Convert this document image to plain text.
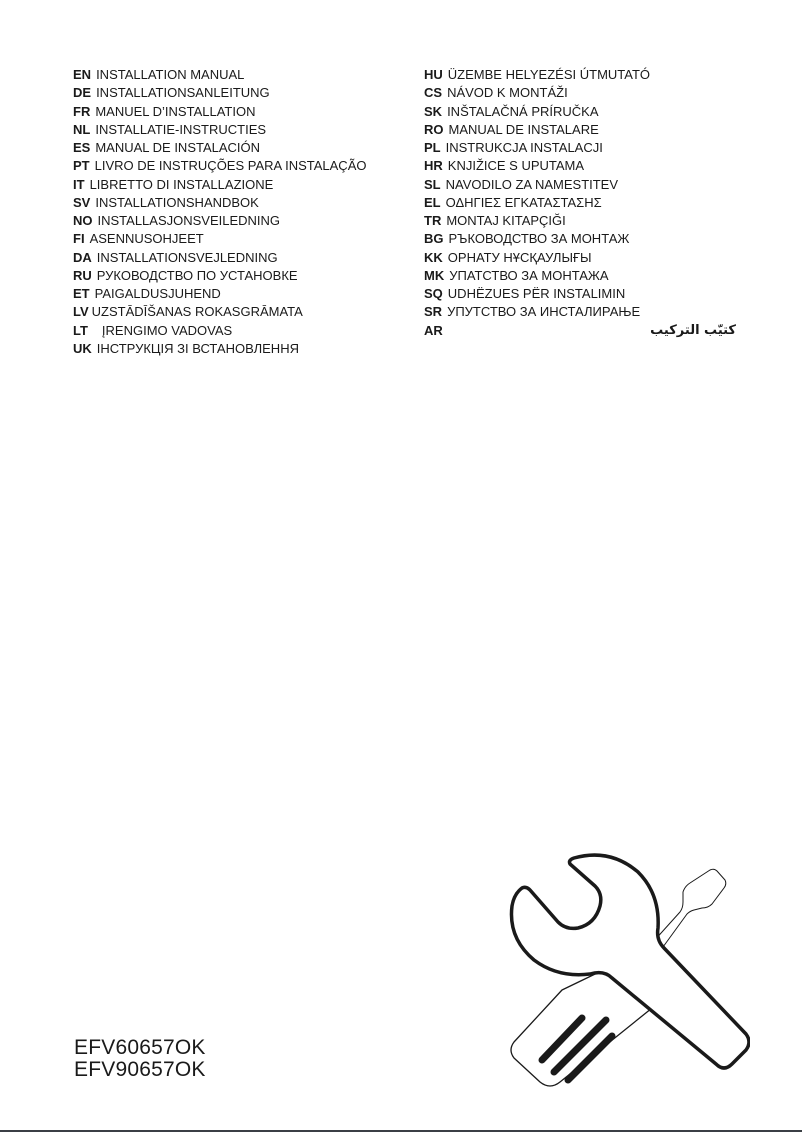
EN INSTALLATION MANUAL
DE INSTALLATIONSANLEITUNG
FR MANUEL D’INSTALLATION
NL INSTALLATIE-INSTRUCTIES
ES MANUAL DE INSTALACIÓN
PT LIVRO DE INSTRUÇÕES PARA INSTALAÇÃO
IT LIBRETTO DI INSTALLAZIONE
SV INSTALLATIONSHANDBOK
NO INSTALLASJONSVEILEDNING
FI ASENNUSOHJEET
DA INSTALLATIONSVEJLEDNING
RU РУКОВОДСТВО ПО УСТАНОВКЕ
ET PAIGALDUSJUHEND
LV UZSTĀDĪŠANAS ROKASGRĀMATA
LT ĮRENGIMO VADOVAS
UK ІНСТРУКЦІЯ ЗІ ВСТАНОВЛЕННЯ
HU ÜZEMBE HELYEZÉSI ÚTMUTATÓ
CS NÁVOD K MONTÁŽI
SK INŠTALAČNÁ PRÍRUČKA
RO MANUAL DE INSTALARE
PL INSTRUKCJA INSTALACJI
HR KNJIŽICE S UPUTAMA
SL NAVODILO ZA NAMESTITEV
EL ΟΔΗΓΙΕΣ ΕΓΚΑΤΑΣΤΑΣΗΣ
TR MONTAJ KITAPÇIĞI
BG РЪКОВОДСТВО ЗА МОНТАЖ
KK ОРНАТУ НҰСҚАУЛЫҒЫ
MK УПАТСТВО ЗА МОНТАЖА
SQ UDHËZUES PËR INSTALIMIN
SR УПУТСТВО ЗА ИНСТАЛИРАЊЕ
AR	كتيّب التركيب
EFV60657OK
EFV90657OK
